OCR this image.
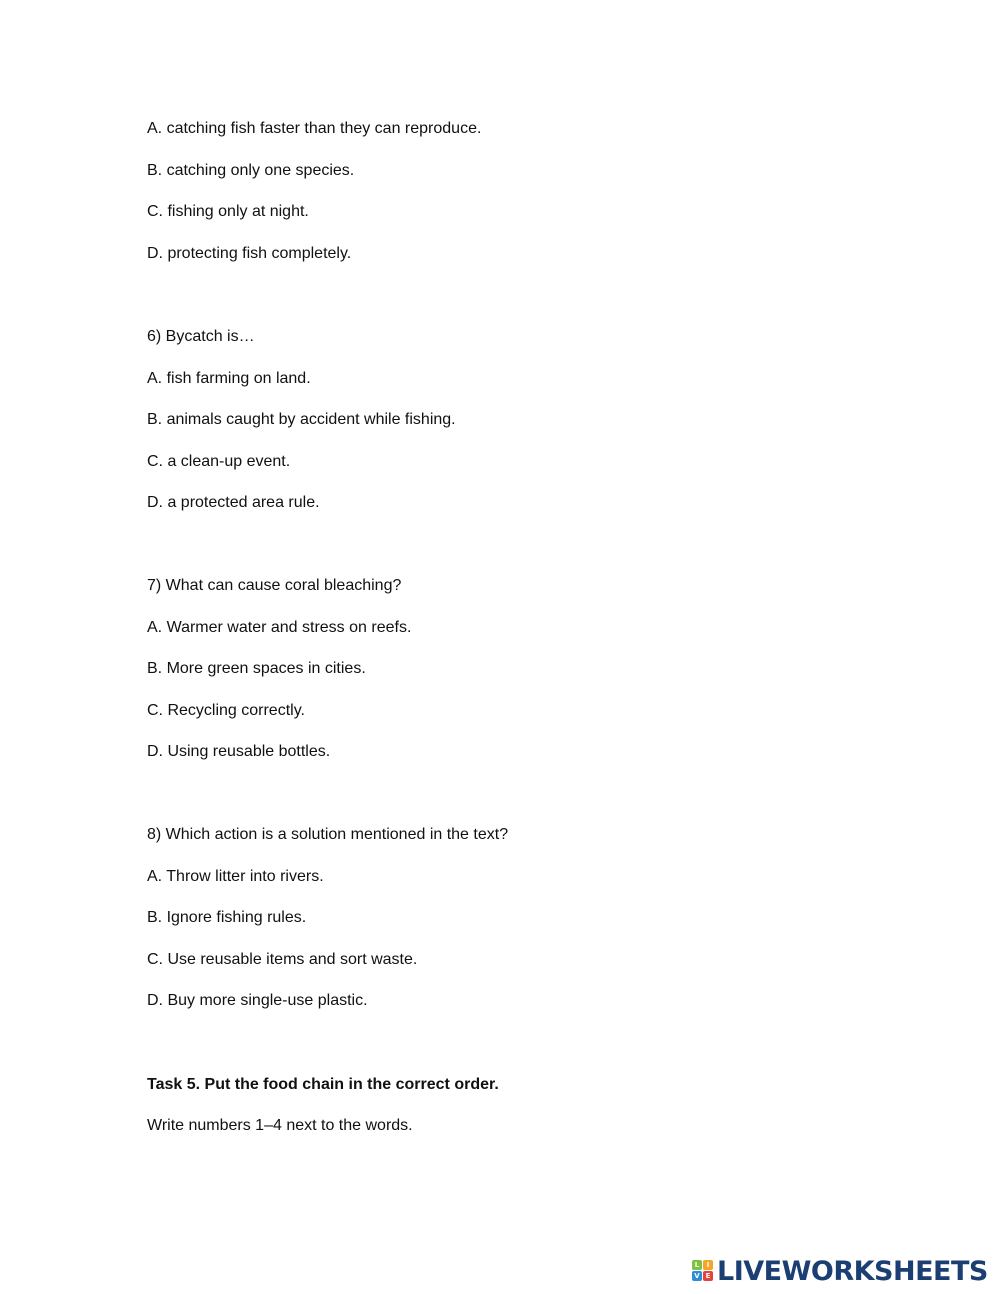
A. catching fish faster than they can reproduce.
B. catching only one species.
C. fishing only at night.
D. protecting fish completely.
6) Bycatch is…
A. fish farming on land.
B. animals caught by accident while fishing.
C. a clean-up event.
D. a protected area rule.
7) What can cause coral bleaching?
A. Warmer water and stress on reefs.
B. More green spaces in cities.
C. Recycling correctly.
D. Using reusable bottles.
8) Which action is a solution mentioned in the text?
A. Throw litter into rivers.
B. Ignore fishing rules.
C. Use reusable items and sort waste.
D. Buy more single-use plastic.
Task 5. Put the food chain in the correct order.
Write numbers 1–4 next to the words.
L	I
V E LIVEWORKSHEETS
